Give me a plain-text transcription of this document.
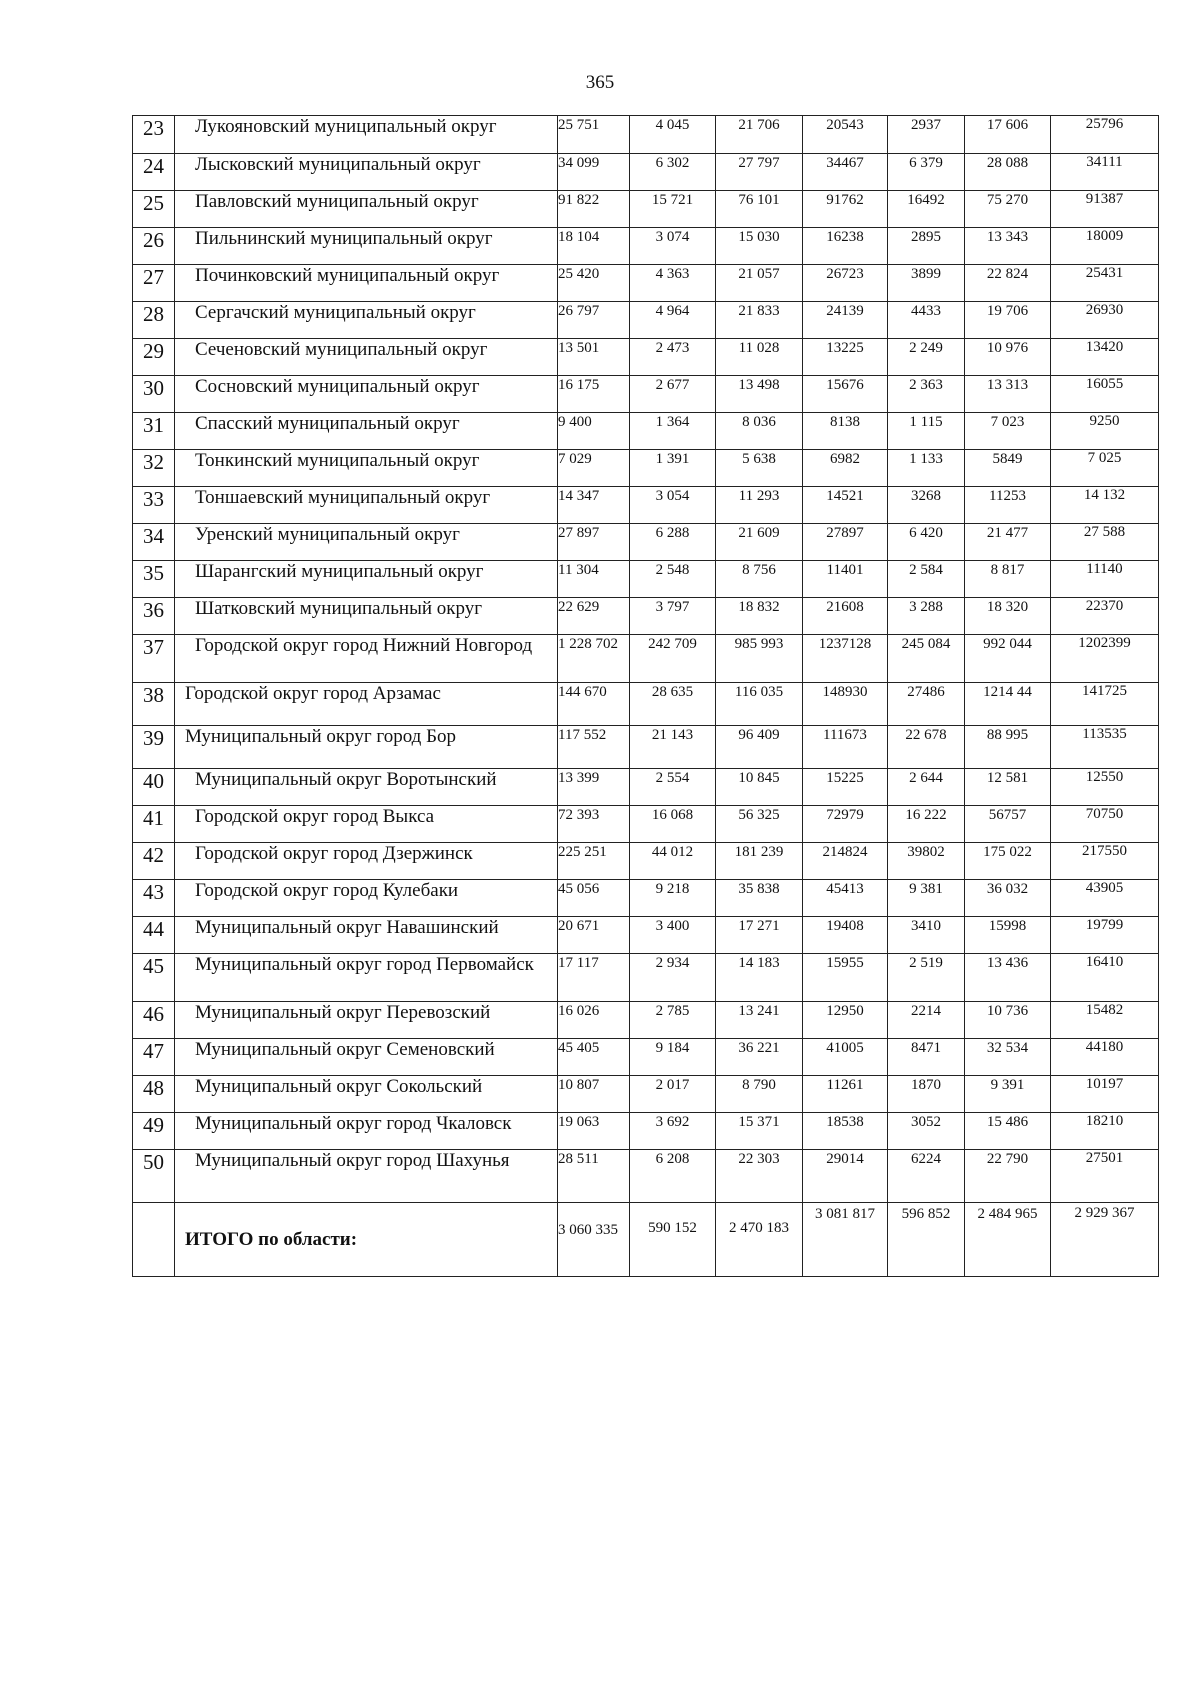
365
23	Лукояновский муниципальный округ	25 751	4 045	21 706	20543	2937	17 606	25796
24	Лысковский муниципальный округ	34 099	6 302	27 797	34467	6 379	28 088	34111
25	Павловский муниципальный округ	91 822	15 721	76 101	91762	16492	75 270	91387
26	Пильнинский муниципальный округ	18 104	3 074	15 030	16238	2895	13 343	18009
27	Починковский муниципальный округ	25 420	4 363	21 057	26723	3899	22 824	25431
28	Сергачский муниципальный округ	26 797	4 964	21 833	24139	4433	19 706	26930
29	Сеченовский муниципальный округ	13 501	2 473	11 028	13225	2 249	10 976	13420
30	Сосновский муниципальный округ	16 175	2 677	13 498	15676	2 363	13 313	16055
31	Спасский муниципальный округ	9 400	1 364	8 036	8138	1 115	7 023	9250
32	Тонкинский муниципальный округ	7 029	1 391	5 638	6982	1 133	5849	7 025
33	Тоншаевский муниципальный округ	14 347	3 054	11 293	14521	3268	11253	14 132
34	Уренский муниципальный округ	27 897	6 288	21 609	27897	6 420	21 477	27 588
35	Шарангский муниципальный округ	11 304	2 548	8 756	11401	2 584	8 817	11140
36	Шатковский муниципальный округ	22 629	3 797	18 832	21608	3 288	18 320	22370
37	Городской округ город Нижний Новгород	1 228 702	242 709	985 993	1237128	245 084	992 044	1202399
38	Городской округ город Арзамас	144 670	28 635	116 035	148930	27486	1214 44	141725
39	Муниципальный округ город Бор	117 552	21 143	96 409	111673	22 678	88 995	113535
40	Муниципальный округ Воротынский	13 399	2 554	10 845	15225	2 644	12 581	12550
41	Городской округ город Выкса	72 393	16 068	56 325	72979	16 222	56757	70750
42	Городской округ город Дзержинск	225 251	44 012	181 239	214824	39802	175 022	217550
43	Городской округ город Кулебаки	45 056	9 218	35 838	45413	9 381	36 032	43905
44	Муниципальный округ Навашинский	20 671	3 400	17 271	19408	3410	15998	19799
45	Муниципальный округ город Первомайск	17 117	2 934	14 183	15955	2 519	13 436	16410
46	Муниципальный округ Перевозский	16 026	2 785	13 241	12950	2214	10 736	15482
47	Муниципальный округ Семеновский	45 405	9 184	36 221	41005	8471	32 534	44180
48	Муниципальный округ Сокольский	10 807	2 017	8 790	11261	1870	9 391	10197
49	Муниципальный округ город Чкаловск	19 063	3 692	15 371	18538	3052	15 486	18210
50	Муниципальный округ город Шахунья	28 511	6 208	22 303	29014	6224	22 790	27501
	ИТОГО по области:	3 060 335	590 152	2 470 183	3 081 817	596 852	2 484 965	2 929 367
